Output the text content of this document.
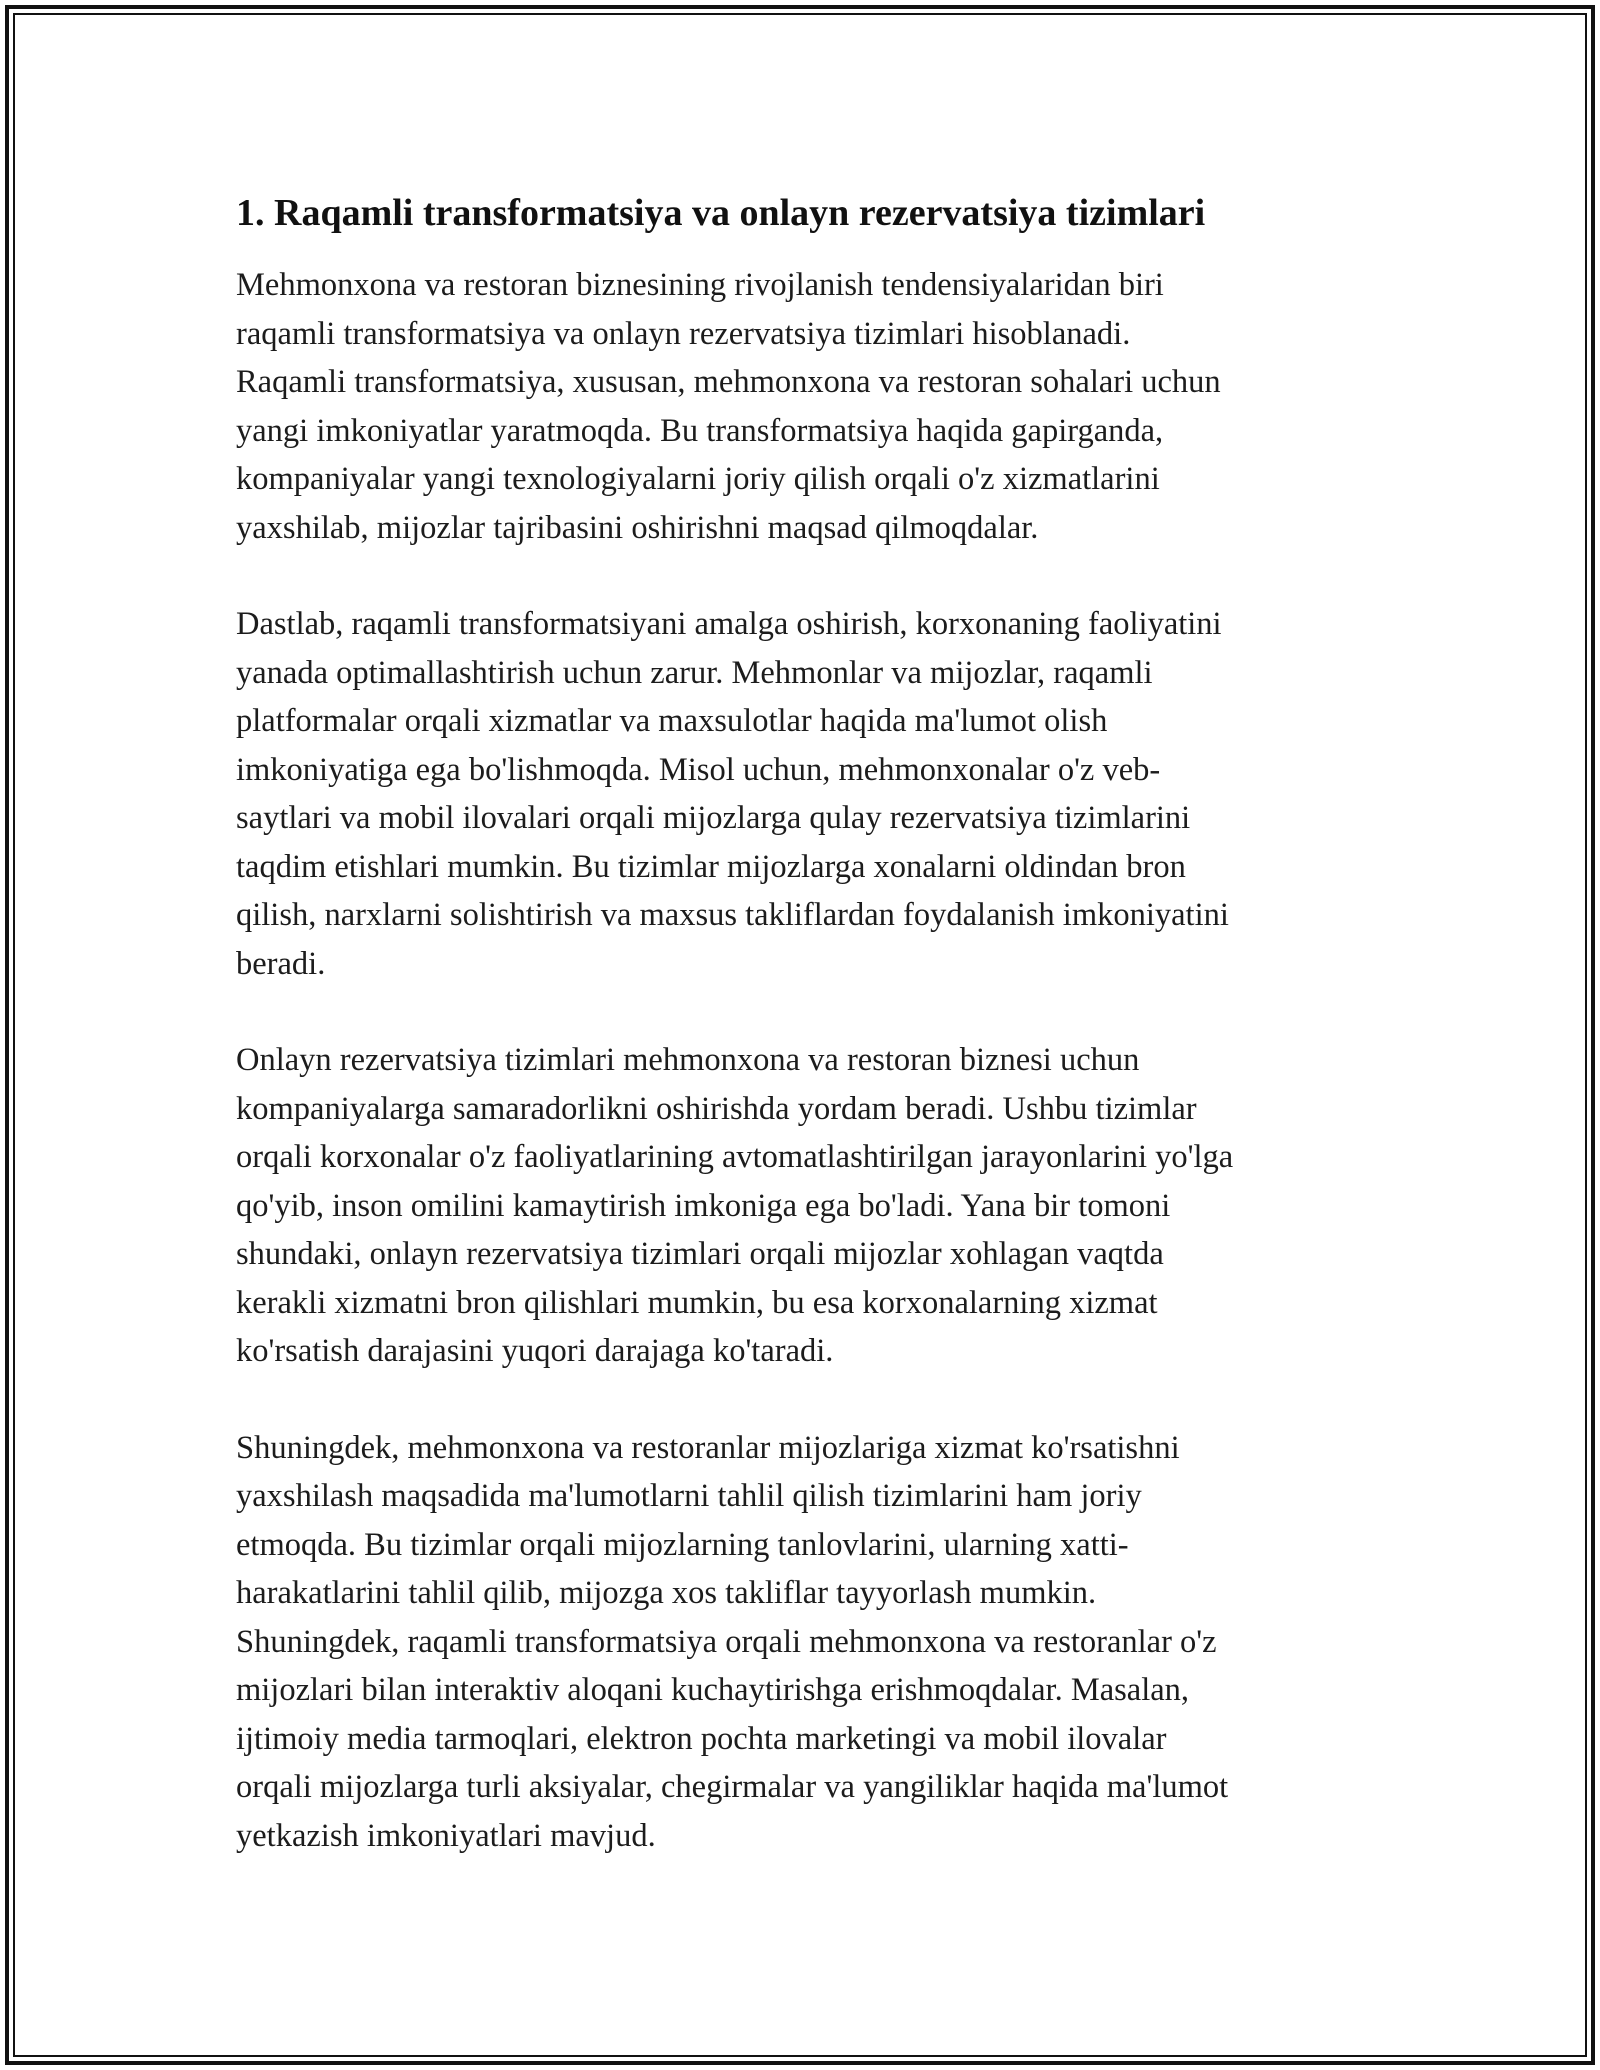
1. Raqamli transformatsiya va onlayn rezervatsiya tizimlari

Mehmonxona va restoran biznesining rivojlanish tendensiyalaridan biri
raqamli transformatsiya va onlayn rezervatsiya tizimlari hisoblanadi.
Raqamli transformatsiya, xususan, mehmonxona va restoran sohalari uchun
yangi imkoniyatlar yaratmoqda. Bu transformatsiya haqida gapirganda,
kompaniyalar yangi texnologiyalarni joriy qilish orqali o'z xizmatlarini
yaxshilab, mijozlar tajribasini oshirishni maqsad qilmoqdalar.

Dastlab, raqamli transformatsiyani amalga oshirish, korxonaning faoliyatini
yanada optimallashtirish uchun zarur. Mehmonlar va mijozlar, raqamli
platformalar orqali xizmatlar va maxsulotlar haqida ma'lumot olish
imkoniyatiga ega bo'lishmoqda. Misol uchun, mehmonxonalar o'z veb-
saytlari va mobil ilovalari orqali mijozlarga qulay rezervatsiya tizimlarini
taqdim etishlari mumkin. Bu tizimlar mijozlarga xonalarni oldindan bron
qilish, narxlarni solishtirish va maxsus takliflardan foydalanish imkoniyatini
beradi.

Onlayn rezervatsiya tizimlari mehmonxona va restoran biznesi uchun
kompaniyalarga samaradorlikni oshirishda yordam beradi. Ushbu tizimlar
orqali korxonalar o'z faoliyatlarining avtomatlashtirilgan jarayonlarini yo'lga
qo'yib, inson omilini kamaytirish imkoniga ega bo'ladi. Yana bir tomoni
shundaki, onlayn rezervatsiya tizimlari orqali mijozlar xohlagan vaqtda
kerakli xizmatni bron qilishlari mumkin, bu esa korxonalarning xizmat
ko'rsatish darajasini yuqori darajaga ko'taradi.

Shuningdek, mehmonxona va restoranlar mijozlariga xizmat ko'rsatishni
yaxshilash maqsadida ma'lumotlarni tahlil qilish tizimlarini ham joriy
etmoqda. Bu tizimlar orqali mijozlarning tanlovlarini, ularning xatti-
harakatlarini tahlil qilib, mijozga xos takliflar tayyorlash mumkin.
Shuningdek, raqamli transformatsiya orqali mehmonxona va restoranlar o'z
mijozlari bilan interaktiv aloqani kuchaytirishga erishmoqdalar. Masalan,
ijtimoiy media tarmoqlari, elektron pochta marketingi va mobil ilovalar
orqali mijozlarga turli aksiyalar, chegirmalar va yangiliklar haqida ma'lumot
yetkazish imkoniyatlari mavjud.
